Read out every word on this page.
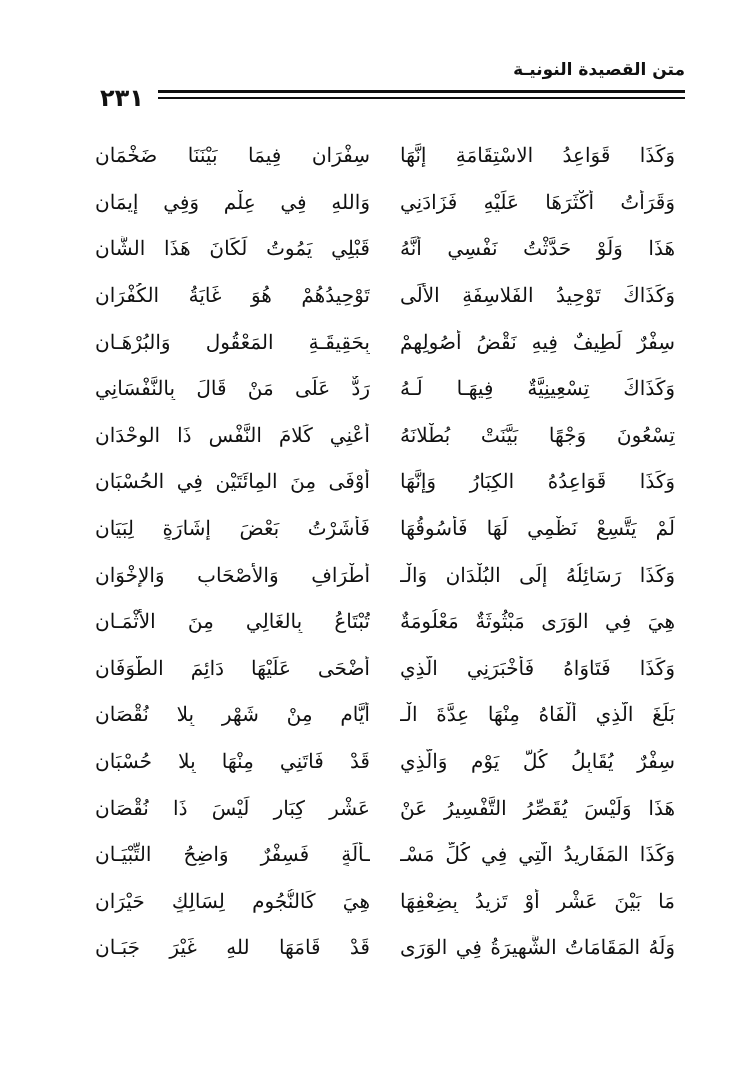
متن القصيدة النونيـة
٢٣١
وَكَذَا قَوَاعِدُ الاسْتِقَامَةِ إِنَّهَا
سِفْرَانِ فِيمَا بَيْنَنَا ضَخْمَانِ
وَقَرَأْتُ أَكْثَرَهَا عَلَيْهِ فَزَادَنِي
وَاللهِ فِي عِلْمٍ وَفِي إِيمَانِ
هَذَا وَلَوْ حَدَّثْتُ نَفْسِي أَنَّهُ
قَبْلِي يَمُوتُ لَكَانَ هَذَا الشَّانِ
وَكَذَاكَ تَوْحِيدُ الفَلاسِفَةِ الأُلَى
تَوْحِيدُهُمْ هُوَ غَايَةُ الكُفْرَانِ
سِفْرٌ لَطِيفٌ فِيهِ نَقْضُ أُصُولِهِمْ
بِحَقِيقَـةِ المَعْقُولِ وَالبُرْهَـانِ
وَكَذَاكَ تِسْعِينِيَّةٌ فِيهَـا لَـهُ
رَدٌّ عَلَى مَنْ قَالَ بِالنَّفْسَانِي
تِسْعُونَ وَجْهًا بَيَّنَتْ بُطْلانَهُ
أَعْنِي كَلامَ النَّفْسِ ذَا الوِحْدَانِ
وَكَذَا قَوَاعِدُهُ الكِبَارُ وَإِنَّهَا
أَوْفَى مِنَ المِائَتَيْنِ فِي الحُسْبَانِ
لَمْ يَتَّسِعْ نَظْمِي لَهَا فَأَسُوقُهَا
فَأَشَرْتُ بَعْضَ إِشَارَةٍ لِبَيَانِ
وَكَذَا رَسَائِلُهُ إِلَى البُلْدَانِ وَالْـ
أَطْرَافِ وَالأَصْحَابِ وَالإِخْوَانِ
هِيَ فِي الوَرَى مَبْثُوثَةٌ مَعْلُومَةٌ
تُبْتَاعُ بِالغَالِي مِنَ الأَثْمَـانِ
وَكَذَا فَتَاوَاهُ فَأَخْبَرَنِي الَّذِي
أَضْحَى عَلَيْهَا دَائِمَ الطَّوَفَانِ
بَلَغَ الَّذِي أَلْفَاهُ مِنْهَا عِدَّةَ الْـ
أَيَّامِ مِنْ شَهْرٍ بِلا نُقْصَانِ
سِفْرٌ يُقَابِلُ كُلَّ يَوْمٍ وَالَّذِي
قَدْ فَاتَنِي مِنْهَا بِلا حُسْبَانِ
هَذَا وَلَيْسَ يُقَصِّرُ التَّفْسِيرُ عَنْ
عَشْرٍ كِبَارٍ لَيْسَ ذَا نُقْصَانِ
وَكَذَا المَفَارِيدُ الَّتِي فِي كُلِّ مَسْـ
ـأَلَةٍ فَسِفْرٌ وَاضِحُ التِّبْيَـانِ
مَا بَيْنَ عَشْرٍ أَوْ تَزِيدُ بِضِعْفِهَا
هِيَ كَالنُّجُومِ لِسَالِكٍ حَيْرَانِ
وَلَهُ المَقَامَاتُ الشَّهِيرَةُ فِي الوَرَى
قَدْ قَامَهَا للهِ غَيْرَ جَبَـانِ
